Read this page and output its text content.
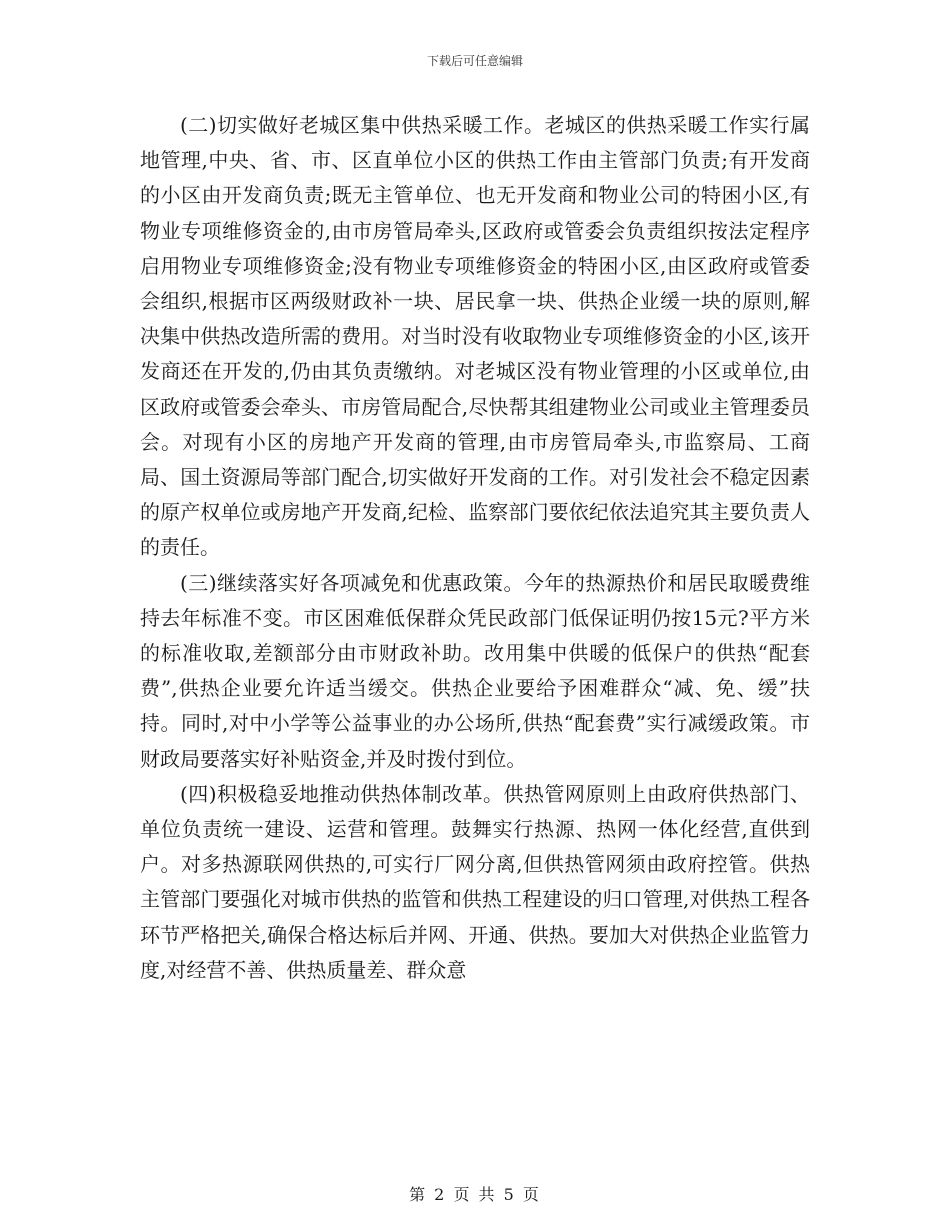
下载后可任意编辑

(二)切实做好老城区集中供热采暖工作。老城区的供热采暖工作实行属地管理,中央、省、市、区直单位小区的供热工作由主管部门负责;有开发商的小区由开发商负责;既无主管单位、也无开发商和物业公司的特困小区,有物业专项维修资金的,由市房管局牵头,区政府或管委会负责组织按法定程序启用物业专项维修资金;没有物业专项维修资金的特困小区,由区政府或管委会组织,根据市区两级财政补一块、居民拿一块、供热企业缓一块的原则,解决集中供热改造所需的费用。对当时没有收取物业专项维修资金的小区,该开发商还在开发的,仍由其负责缴纳。对老城区没有物业管理的小区或单位,由区政府或管委会牵头、市房管局配合,尽快帮其组建物业公司或业主管理委员会。对现有小区的房地产开发商的管理,由市房管局牵头,市监察局、工商局、国土资源局等部门配合,切实做好开发商的工作。对引发社会不稳定因素的原产权单位或房地产开发商,纪检、监察部门要依纪依法追究其主要负责人的责任。

(三)继续落实好各项减免和优惠政策。今年的热源热价和居民取暖费维持去年标准不变。市区困难低保群众凭民政部门低保证明仍按15元?平方米的标准收取,差额部分由市财政补助。改用集中供暖的低保户的供热“配套费”,供热企业要允许适当缓交。供热企业要给予困难群众“减、免、缓”扶持。同时,对中小学等公益事业的办公场所,供热“配套费”实行减缓政策。市财政局要落实好补贴资金,并及时拨付到位。

(四)积极稳妥地推动供热体制改革。供热管网原则上由政府供热部门、单位负责统一建设、运营和管理。鼓舞实行热源、热网一体化经营,直供到户。对多热源联网供热的,可实行厂网分离,但供热管网须由政府控管。供热主管部门要强化对城市供热的监管和供热工程建设的归口管理,对供热工程各环节严格把关,确保合格达标后并网、开通、供热。要加大对供热企业监管力度,对经营不善、供热质量差、群众意

第 2 页 共 5 页
